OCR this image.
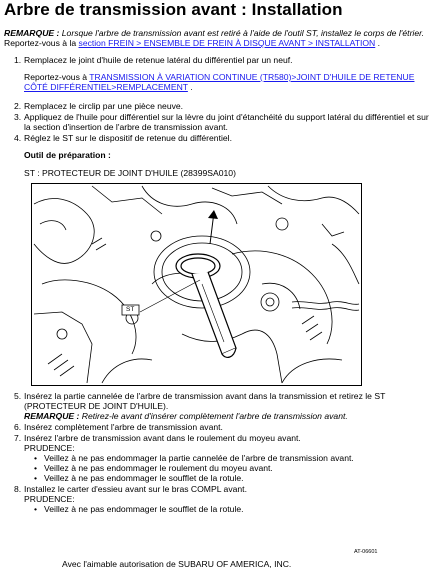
Arbre de transmission avant : Installation
REMARQUE : Lorsque l'arbre de transmission avant est retiré à l'aide de l'outil ST, installez le corps de l'étrier.
Reportez-vous à la section FREIN > ENSEMBLE DE FREIN À DISQUE AVANT > INSTALLATION .
1. Remplacez le joint d'huile de retenue latéral du différentiel par un neuf.
Reportez-vous à TRANSMISSION À VARIATION CONTINUE (TR580)>JOINT D'HUILE DE RETENUE
CÔTÉ DIFFÉRENTIEL>REMPLACEMENT .
2. Remplacez le circlip par une pièce neuve.
3. Appliquez de l'huile pour différentiel sur la lèvre du joint d'étanchéité du support latéral du différentiel et sur
la section d'insertion de l'arbre de transmission avant.
4. Réglez le ST sur le dispositif de retenue du différentiel.
Outil de préparation :
ST : PROTECTEUR DE JOINT D'HUILE (28399SA010)
ST
AT-06601
Avec l'aimable autorisation de SUBARU OF AMERICA, INC.
5. Insérez la partie cannelée de l'arbre de transmission avant dans la transmission et retirez le ST
(PROTECTEUR DE JOINT D'HUILE).
REMARQUE : Retirez-le avant d'insérer complètement l'arbre de transmission avant.
6. Insérez complètement l'arbre de transmission avant.
7. Insérez l'arbre de transmission avant dans le roulement du moyeu avant.
PRUDENCE:
• Veillez à ne pas endommager la partie cannelée de l'arbre de transmission avant.
• Veillez à ne pas endommager le roulement du moyeu avant.
• Veillez à ne pas endommager le soufflet de la rotule.
8. Installez le carter d'essieu avant sur le bras COMPL avant.
PRUDENCE:
• Veillez à ne pas endommager le soufflet de la rotule.
